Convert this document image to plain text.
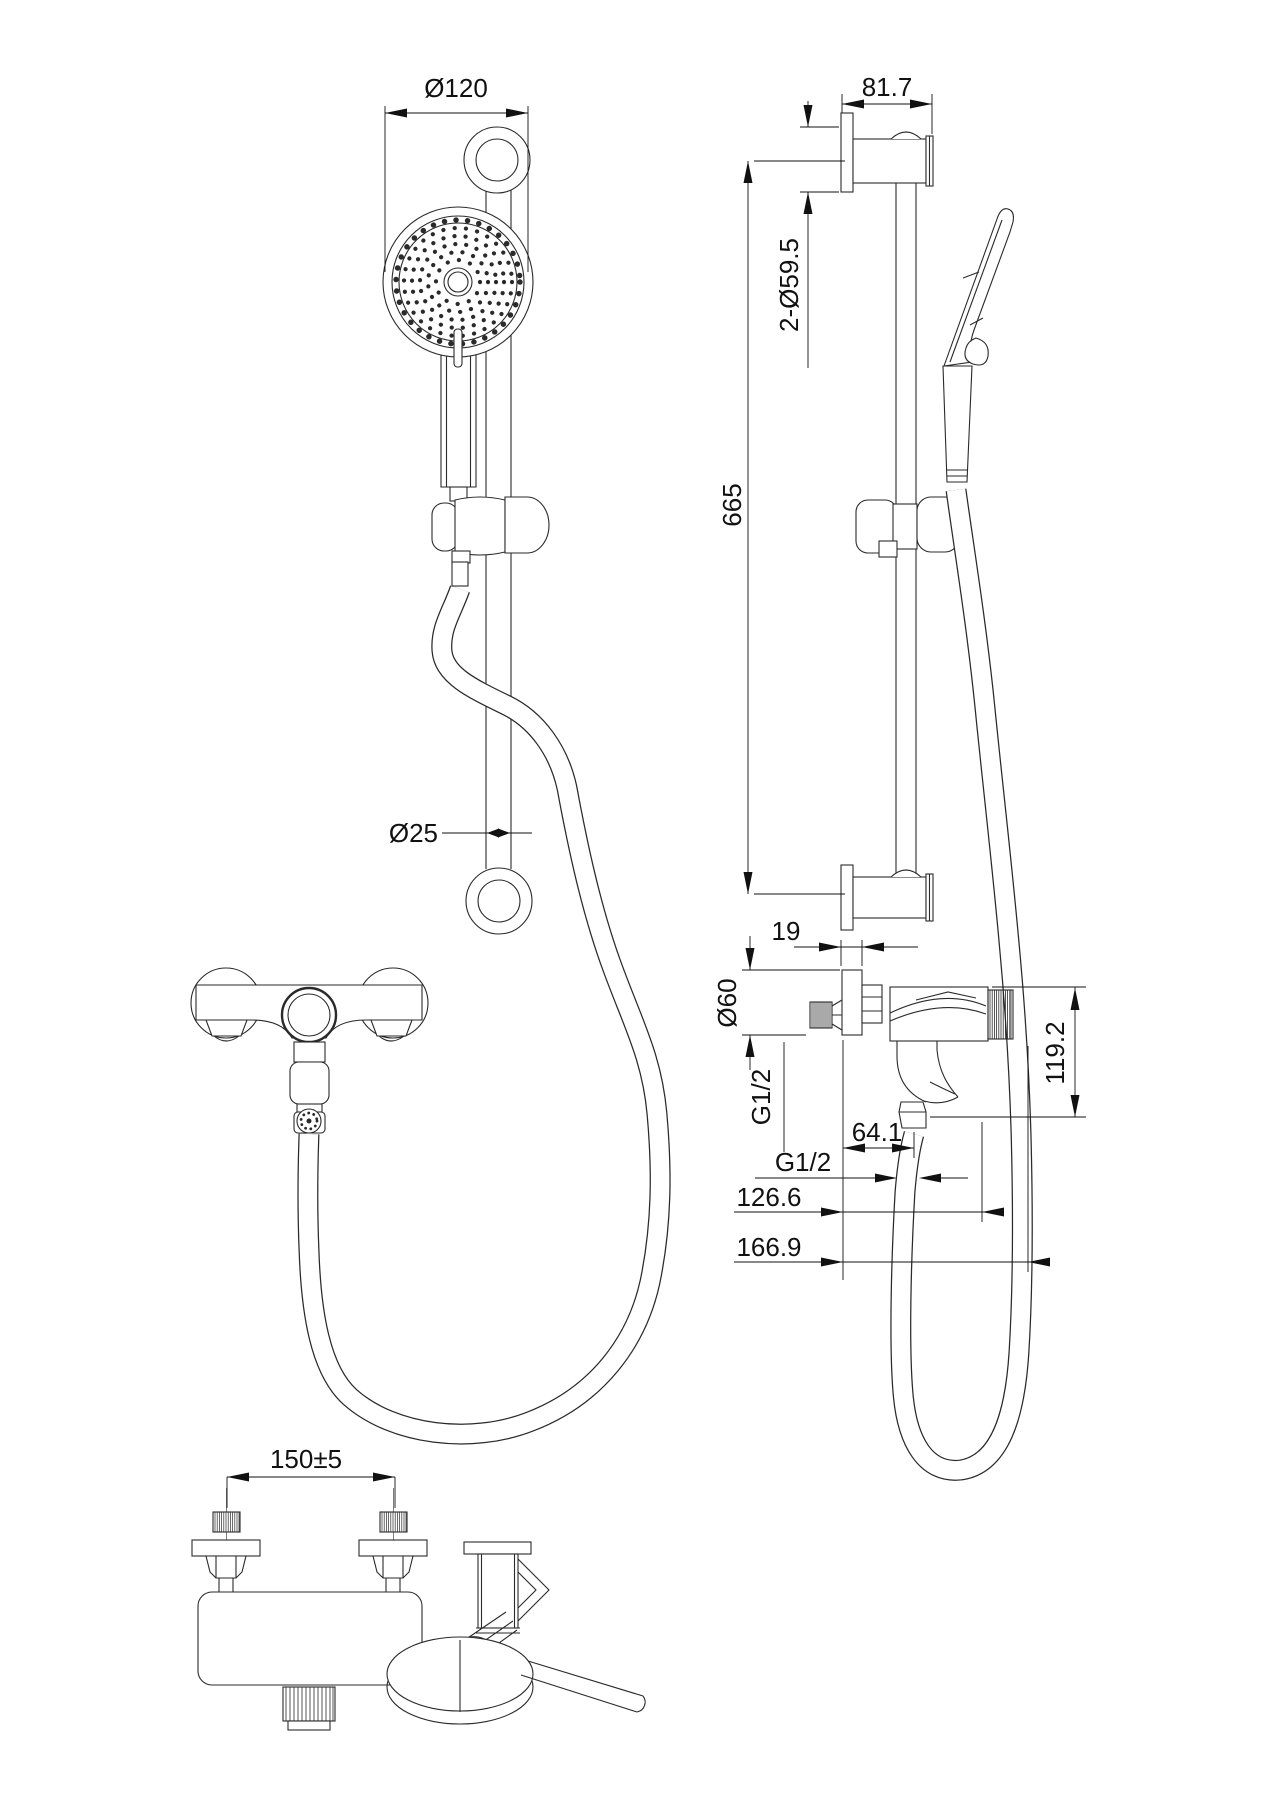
Ø120
Ø25
81.7
2-Ø59.5
665
19
Ø60
G1/2
119.2
64.1
G1/2
126.6
166.9
150±5
